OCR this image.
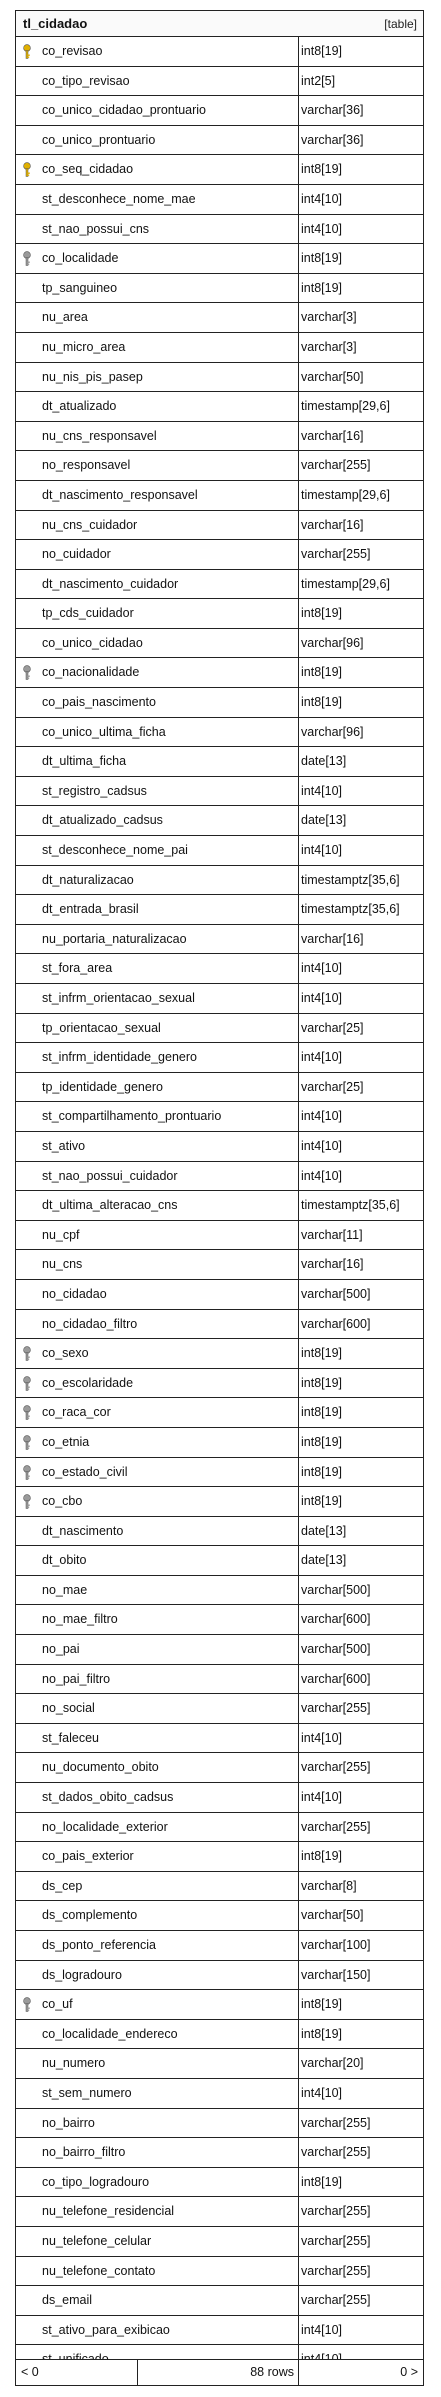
tl_cidadao	[table]
co_revisao	int8[19]
co_tipo_revisao	int2[5]
co_unico_cidadao_prontuario	varchar[36]
co_unico_prontuario	varchar[36]
co_seq_cidadao	int8[19]
st_desconhece_nome_mae	int4[10]
st_nao_possui_cns	int4[10]
co_localidade	int8[19]
tp_sanguineo	int8[19]
nu_area	varchar[3]
nu_micro_area	varchar[3]
nu_nis_pis_pasep	varchar[50]
dt_atualizado	timestamp[29,6]
nu_cns_responsavel	varchar[16]
no_responsavel	varchar[255]
dt_nascimento_responsavel	timestamp[29,6]
nu_cns_cuidador	varchar[16]
no_cuidador	varchar[255]
dt_nascimento_cuidador	timestamp[29,6]
tp_cds_cuidador	int8[19]
co_unico_cidadao	varchar[96]
co_nacionalidade	int8[19]
co_pais_nascimento	int8[19]
co_unico_ultima_ficha	varchar[96]
dt_ultima_ficha	date[13]
st_registro_cadsus	int4[10]
dt_atualizado_cadsus	date[13]
st_desconhece_nome_pai	int4[10]
dt_naturalizacao	timestamptz[35,6]
dt_entrada_brasil	timestamptz[35,6]
nu_portaria_naturalizacao	varchar[16]
st_fora_area	int4[10]
st_infrm_orientacao_sexual	int4[10]
tp_orientacao_sexual	varchar[25]
st_infrm_identidade_genero	int4[10]
tp_identidade_genero	varchar[25]
st_compartilhamento_prontuario	int4[10]
st_ativo	int4[10]
st_nao_possui_cuidador	int4[10]
dt_ultima_alteracao_cns	timestamptz[35,6]
nu_cpf	varchar[11]
nu_cns	varchar[16]
no_cidadao	varchar[500]
no_cidadao_filtro	varchar[600]
co_sexo	int8[19]
co_escolaridade	int8[19]
co_raca_cor	int8[19]
co_etnia	int8[19]
co_estado_civil	int8[19]
co_cbo	int8[19]
dt_nascimento	date[13]
dt_obito	date[13]
no_mae	varchar[500]
no_mae_filtro	varchar[600]
no_pai	varchar[500]
no_pai_filtro	varchar[600]
no_social	varchar[255]
st_faleceu	int4[10]
nu_documento_obito	varchar[255]
st_dados_obito_cadsus	int4[10]
no_localidade_exterior	varchar[255]
co_pais_exterior	int8[19]
ds_cep	varchar[8]
ds_complemento	varchar[50]
ds_ponto_referencia	varchar[100]
ds_logradouro	varchar[150]
co_uf	int8[19]
co_localidade_endereco	int8[19]
nu_numero	varchar[20]
st_sem_numero	int4[10]
no_bairro	varchar[255]
no_bairro_filtro	varchar[255]
co_tipo_logradouro	int8[19]
nu_telefone_residencial	varchar[255]
nu_telefone_celular	varchar[255]
nu_telefone_contato	varchar[255]
ds_email	varchar[255]
st_ativo_para_exibicao	int4[10]
< 0	88 rows	0 >
